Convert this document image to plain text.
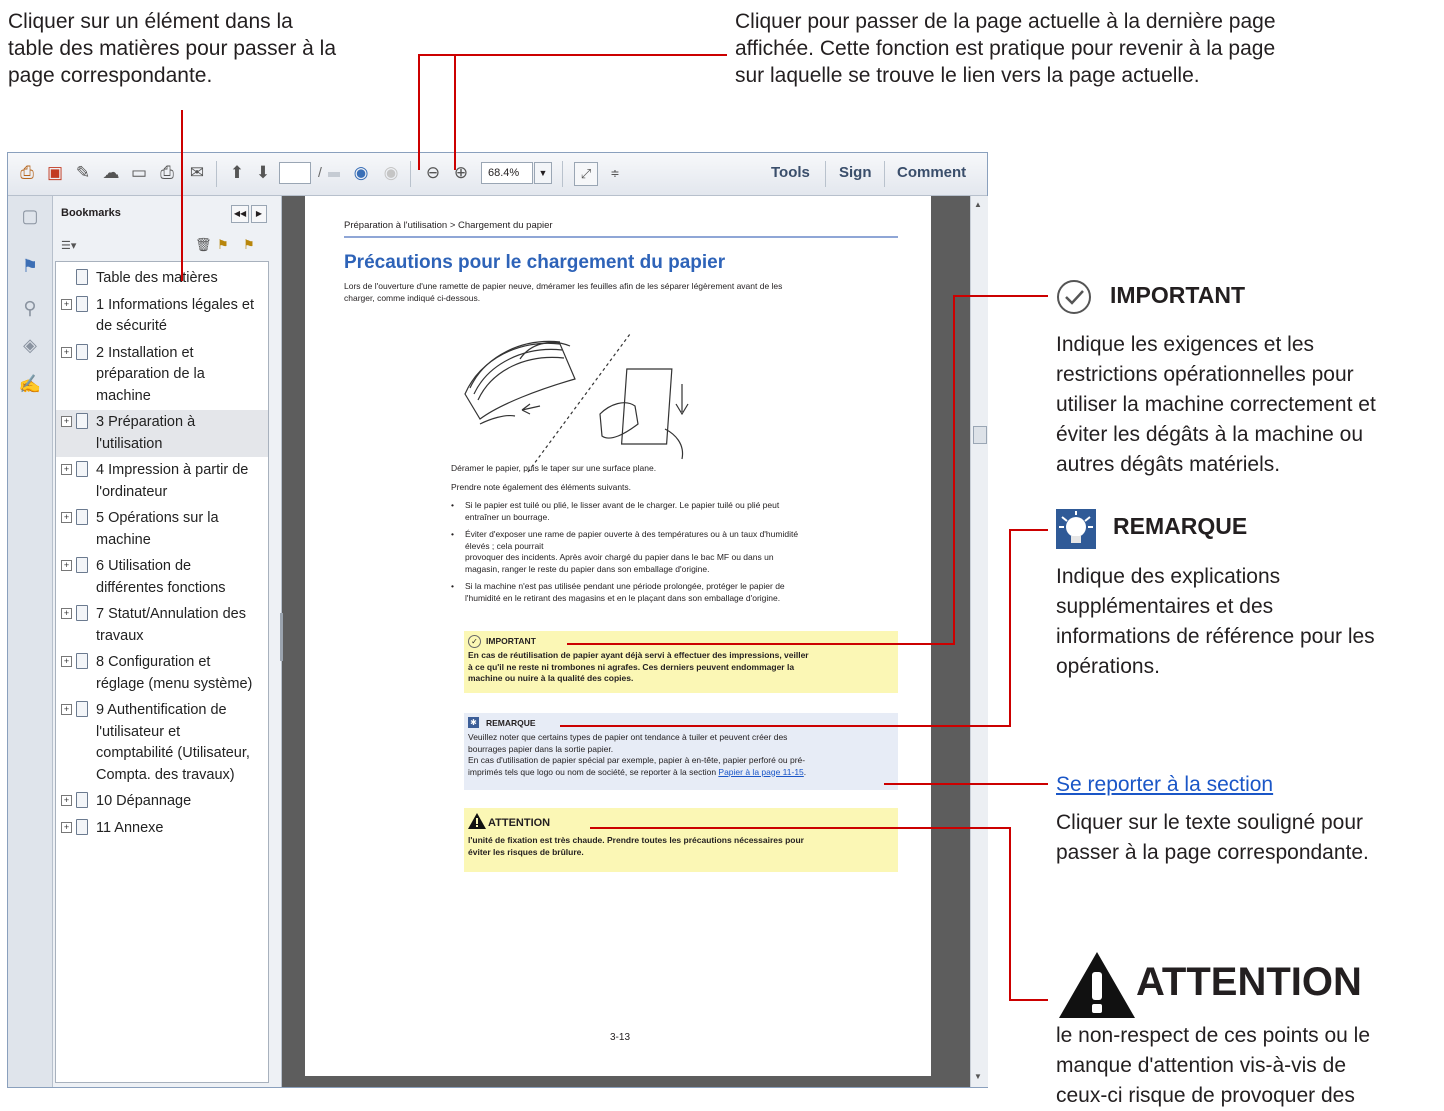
Cliquer sur un élément dans la
table des matières pour passer à la
page correspondante.
Cliquer pour passer de la page actuelle à la dernière page
affichée. Cette fonction est pratique pour revenir à la page
sur laquelle se trouve le lien vers la page actuelle.
⎙ ▣ ✎ ☁ ▭ ⎙ ✉ ⬆ ⬇	/ ◉ ◉ ⊖ ⊕	68.4%	▼	⤢	≑	Tools Sign Comment
▢
⚑
⚲
◈
✍
Bookmarks	◀◀	▶
☰▾	🗑 ⚑ ⚑
Table des matières
+ 1 Informations légales et
de sécurité
+ 2 Installation et
préparation de la
machine
+ 3 Préparation à
l'utilisation
+ 4 Impression à partir de
l'ordinateur
+ 5 Opérations sur la
machine
+ 6 Utilisation de
différentes fonctions
+ 7 Statut/Annulation des
travaux
+ 8 Configuration et
réglage (menu système)
+ 9 Authentification de
l'utilisateur et
comptabilité (Utilisateur,
Compta. des travaux)
+ 10 Dépannage
+ 11 Annexe
▲
▼
Préparation à l'utilisation > Chargement du papier
Précautions pour le chargement du papier
Lors de l'ouverture d'une ramette de papier neuve, dméramer les feuilles afin de les séparer légèrement avant de les
charger, comme indiqué ci-dessous.
Déramer le papier, puis le taper sur une surface plane.
Prendre note également des éléments suivants.
• Si le papier est tuilé ou plié, le lisser avant de le charger. Le papier tuilé ou plié peut
entraîner un bourrage.
• Éviter d'exposer une rame de papier ouverte à des températures ou à un taux d'humidité
élevés ; cela pourrait
provoquer des incidents. Après avoir chargé du papier dans le bac MF ou dans un
magasin, ranger le reste du papier dans son emballage d'origine.
• Si la machine n'est pas utilisée pendant une période prolongée, protéger le papier de
l'humidité en le retirant des magasins et en le plaçant dans son emballage d'origine.
✓ IMPORTANT
En cas de réutilisation de papier ayant déjà servi à effectuer des impressions, veiller
à ce qu'il ne reste ni trombones ni agrafes. Ces derniers peuvent endommager la
machine ou nuire à la qualité des copies.
✱ REMARQUE
Veuillez noter que certains types de papier ont tendance à tuiler et peuvent créer des
bourrages papier dans la sortie papier.
En cas d'utilisation de papier spécial par exemple, papier à en-tête, papier perforé ou pré-
imprimés tels que logo ou nom de société, se reporter à la section Papier à la page 11-15.
ATTENTION
l'unité de fixation est très chaude. Prendre toutes les précautions nécessaires pour
éviter les risques de brûlure.
3-13
IMPORTANT
Indique les exigences et les
restrictions opérationnelles pour
utiliser la machine correctement et
éviter les dégâts à la machine ou
autres dégâts matériels.
REMARQUE
Indique des explications
supplémentaires et des
informations de référence pour les
opérations.
Se reporter à la section
Cliquer sur le texte souligné pour
passer à la page correspondante.
ATTENTION
le non-respect de ces points ou le
manque d'attention vis-à-vis de
ceux-ci risque de provoquer des
